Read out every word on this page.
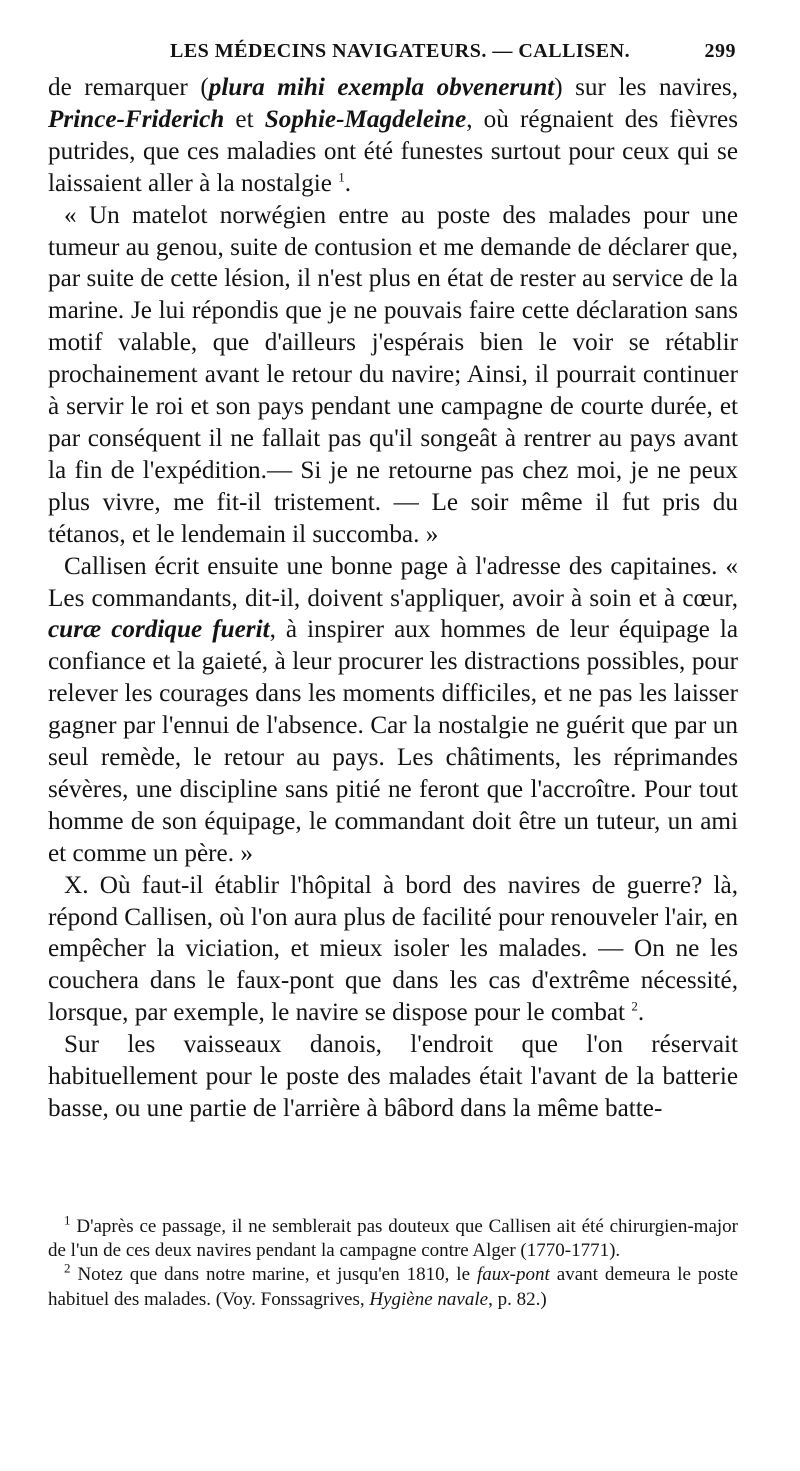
LES MÉDECINS NAVIGATEURS. — CALLISEN.	299

de remarquer (plura mihi exempla obvenerunt) sur les navires, Prince-Friderich et Sophie-Magdeleine, où régnaient des fièvres putrides, que ces maladies ont été funestes surtout pour ceux qui se laissaient aller à la nostalgie $^1$.

« Un matelot norwégien entre au poste des malades pour une tumeur au genou, suite de contusion et me demande de déclarer que, par suite de cette lésion, il n'est plus en état de rester au service de la marine. Je lui répondis que je ne pouvais faire cette déclaration sans motif valable, que d'ailleurs j'espérais bien le voir se rétablir prochainement avant le retour du navire; Ainsi, il pourrait continuer à servir le roi et son pays pendant une campagne de courte durée, et par conséquent il ne fallait pas qu'il songeât à rentrer au pays avant la fin de l'expédition.— Si je ne retourne pas chez moi, je ne peux plus vivre, me fit-il tristement. — Le soir même il fut pris du tétanos, et le lendemain il succomba. »

Callisen écrit ensuite une bonne page à l'adresse des capitaines. « Les commandants, dit-il, doivent s'appliquer, avoir à soin et à cœur, curæ cordique fuerit, à inspirer aux hommes de leur équipage la confiance et la gaieté, à leur procurer les distractions possibles, pour relever les courages dans les moments difficiles, et ne pas les laisser gagner par l'ennui de l'absence. Car la nostalgie ne guérit que par un seul remède, le retour au pays. Les châtiments, les réprimandes sévères, une discipline sans pitié ne feront que l'accroître. Pour tout homme de son équipage, le commandant doit être un tuteur, un ami et comme un père. »

X. Où faut-il établir l'hôpital à bord des navires de guerre? là, répond Callisen, où l'on aura plus de facilité pour renouveler l'air, en empêcher la viciation, et mieux isoler les malades. — On ne les couchera dans le faux-pont que dans les cas d'extrême nécessité, lorsque, par exemple, le navire se dispose pour le combat $^2$.

Sur les vaisseaux danois, l'endroit que l'on réservait habituellement pour le poste des malades était l'avant de la batterie basse, ou une partie de l'arrière à bâbord dans la même batte-

$^1$ D'après ce passage, il ne semblerait pas douteux que Callisen ait été chirurgien-major de l'un de ces deux navires pendant la campagne contre Alger (1770-1771).

$^2$ Notez que dans notre marine, et jusqu'en 1810, le faux-pont avant demeura le poste habituel des malades. (Voy. Fonssagrives, Hygiène navale, p. 82.)
